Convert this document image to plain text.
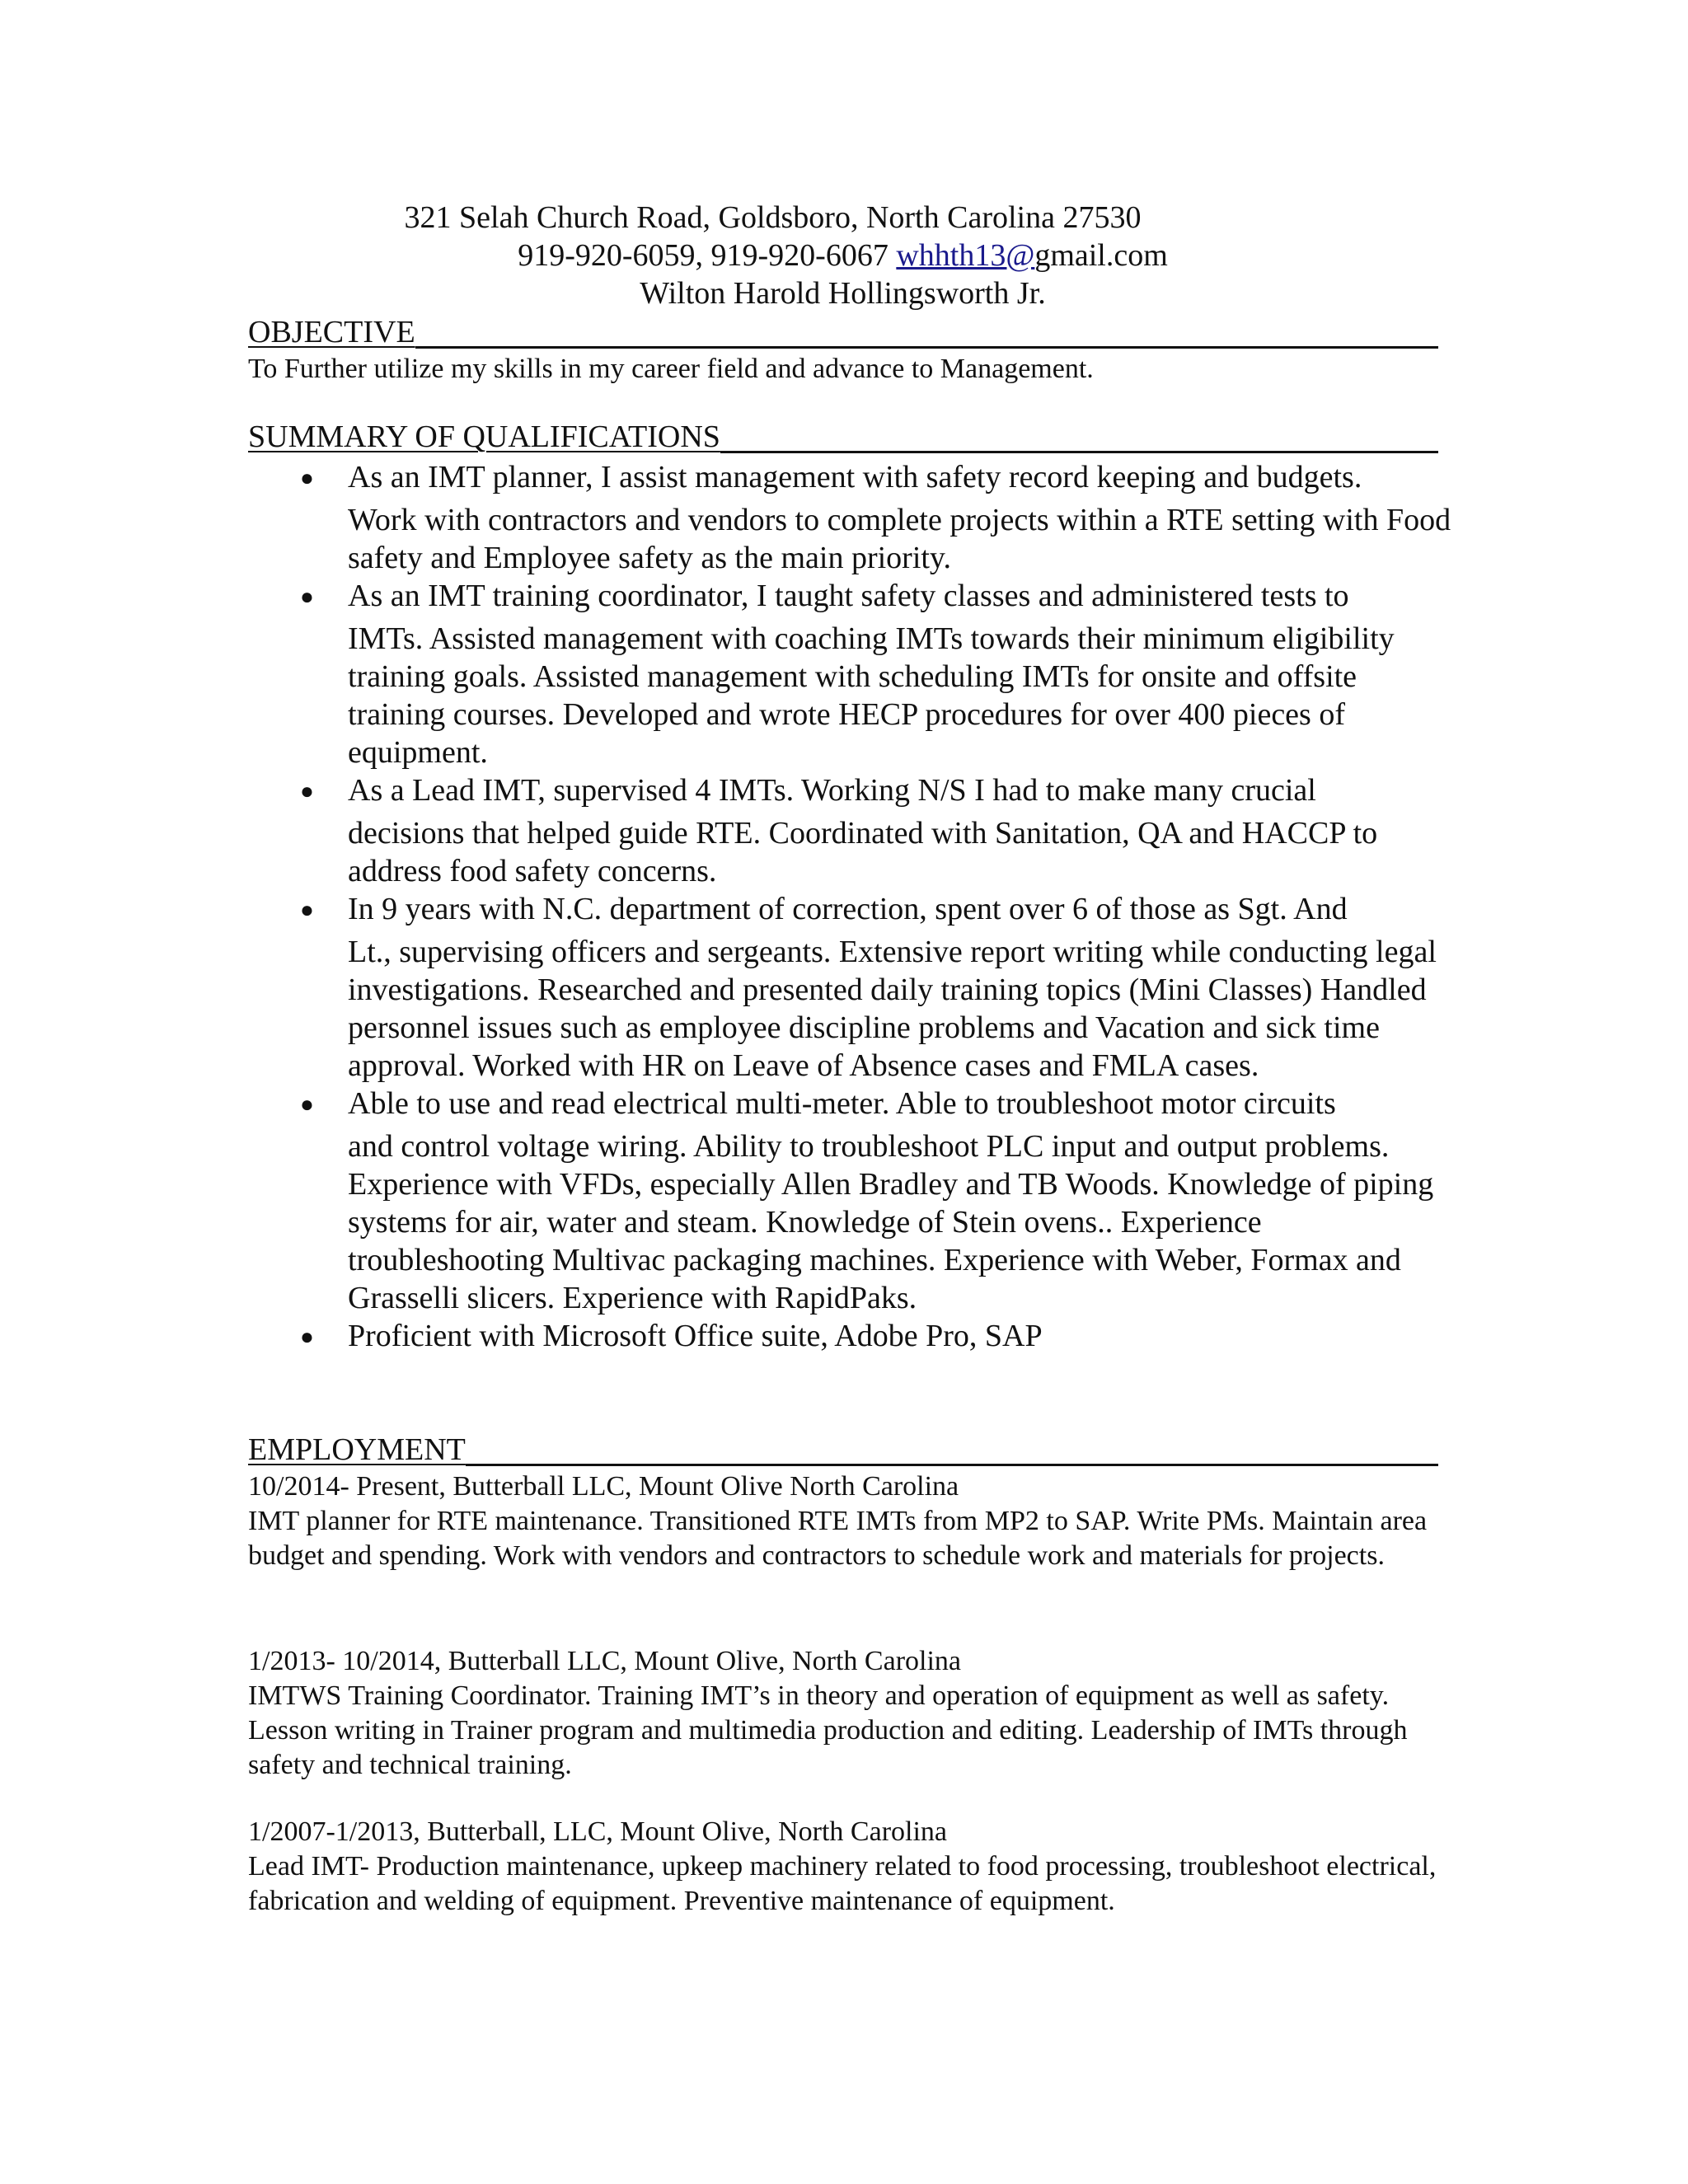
321 Selah Church Road, Goldsboro, North Carolina 27530
919-920-6059, 919-920-6067 whhth13@gmail.com
Wilton Harold Hollingsworth Jr.
OBJECTIVE
To Further utilize my skills in my career field and advance to Management.
SUMMARY OF QUALIFICATIONS
● As an IMT planner, I assist management with safety record keeping and budgets.
Work with contractors and vendors to complete projects within a RTE setting with Food safety and Employee safety as the main priority.
● As an IMT training coordinator, I taught safety classes and administered tests to
IMTs. Assisted management with coaching IMTs towards their minimum eligibility training goals. Assisted management with scheduling IMTs for onsite and offsite training courses. Developed and wrote HECP procedures for over 400 pieces of equipment.
● As a Lead IMT, supervised 4 IMTs. Working N/S I had to make many crucial
decisions that helped guide RTE. Coordinated with Sanitation, QA and HACCP to address food safety concerns.
● In 9 years with N.C. department of correction, spent over 6 of those as Sgt. And
Lt., supervising officers and sergeants. Extensive report writing while conducting legal investigations. Researched and presented daily training topics (Mini Classes) Handled personnel issues such as employee discipline problems and Vacation and sick time approval. Worked with HR on Leave of Absence cases and FMLA cases.
● Able to use and read electrical multi-meter. Able to troubleshoot motor circuits
and control voltage wiring. Ability to troubleshoot PLC input and output problems. Experience with VFDs, especially Allen Bradley and TB Woods. Knowledge of piping systems for air, water and steam. Knowledge of Stein ovens.. Experience troubleshooting Multivac packaging machines. Experience with Weber, Formax and Grasselli slicers. Experience with RapidPaks.
● Proficient with Microsoft Office suite, Adobe Pro, SAP
EMPLOYMENT
10/2014- Present, Butterball LLC, Mount Olive North Carolina
IMT planner for RTE maintenance. Transitioned RTE IMTs from MP2 to SAP. Write PMs. Maintain area budget and spending. Work with vendors and contractors to schedule work and materials for projects.
1/2013- 10/2014, Butterball LLC, Mount Olive, North Carolina
IMTWS Training Coordinator. Training IMT’s in theory and operation of equipment as well as safety. Lesson writing in Trainer program and multimedia production and editing. Leadership of IMTs through safety and technical training.
1/2007-1/2013, Butterball, LLC, Mount Olive, North Carolina
Lead IMT- Production maintenance, upkeep machinery related to food processing, troubleshoot electrical, fabrication and welding of equipment. Preventive maintenance of equipment.
